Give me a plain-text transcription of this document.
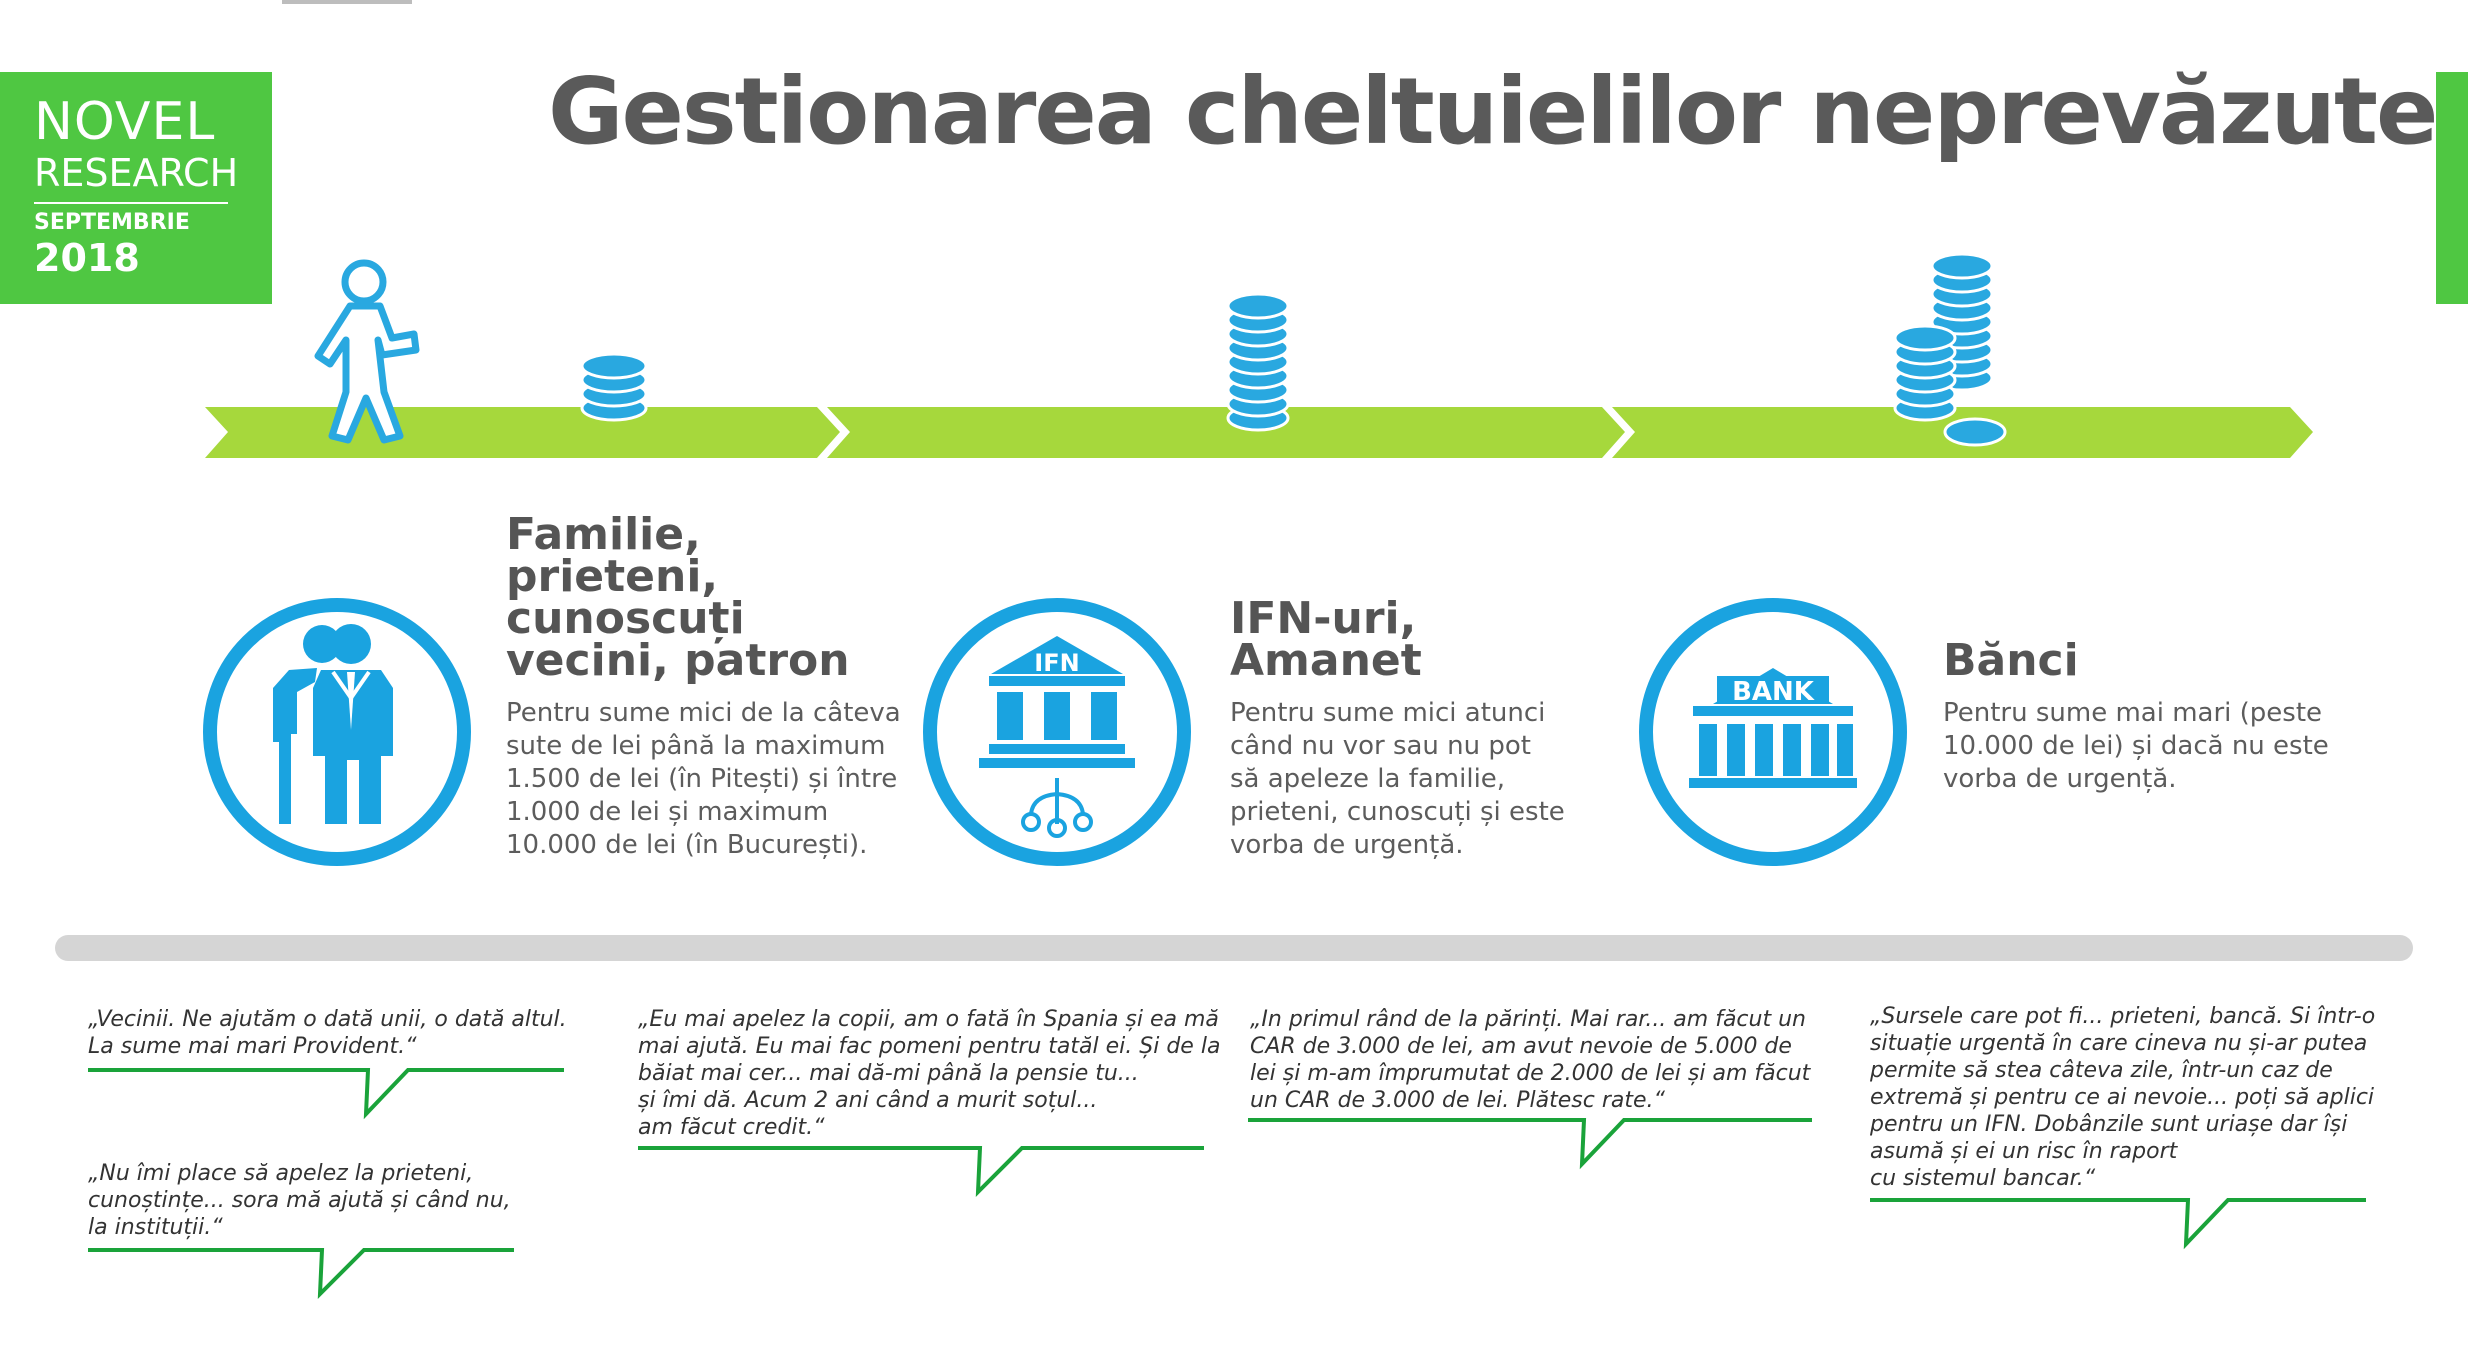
NOVEL
RESEARCH
SEPTEMBRIE
2018
Gestionarea cheltuielilor neprevăzute
Familie,
prieteni,
cunoscuți
vecini, patron
Pentru sume mici de la câteva
sute de lei până la maximum
1.500 de lei (în Pitești) și între
1.000 de lei și maximum
10.000 de lei (în București).
IFN
IFN-uri,
Amanet
Pentru sume mici atunci
când nu vor sau nu pot
să apeleze la familie,
prieteni, cunoscuți și este
vorba de urgență.
BANK
Bănci
Pentru sume mai mari (peste
10.000 de lei) și dacă nu este
vorba de urgență.
„Vecinii. Ne ajutăm o dată unii, o dată altul.
La sume mai mari Provident.“
„Nu îmi place să apelez la prieteni,
cunoștințe... sora mă ajută și când nu,
la instituții.“
„Eu mai apelez la copii, am o fată în Spania și ea mă
mai ajută. Eu mai fac pomeni pentru tatăl ei. Și de la
băiat mai cer... mai dă-mi până la pensie tu...
și îmi dă. Acum 2 ani când a murit soțul...
am făcut credit.“
„In primul rând de la părinți. Mai rar... am făcut un
CAR de 3.000 de lei, am avut nevoie de 5.000 de
lei și m-am împrumutat de 2.000 de lei și am făcut
un CAR de 3.000 de lei. Plătesc rate.“
„Sursele care pot fi... prieteni, bancă. Si într-o
situație urgentă în care cineva nu și-ar putea
permite să stea câteva zile, într-un caz de
extremă și pentru ce ai nevoie... poți să aplici
pentru un IFN. Dobânzile sunt uriașe dar își
asumă și ei un risc în raport
cu sistemul bancar.“
